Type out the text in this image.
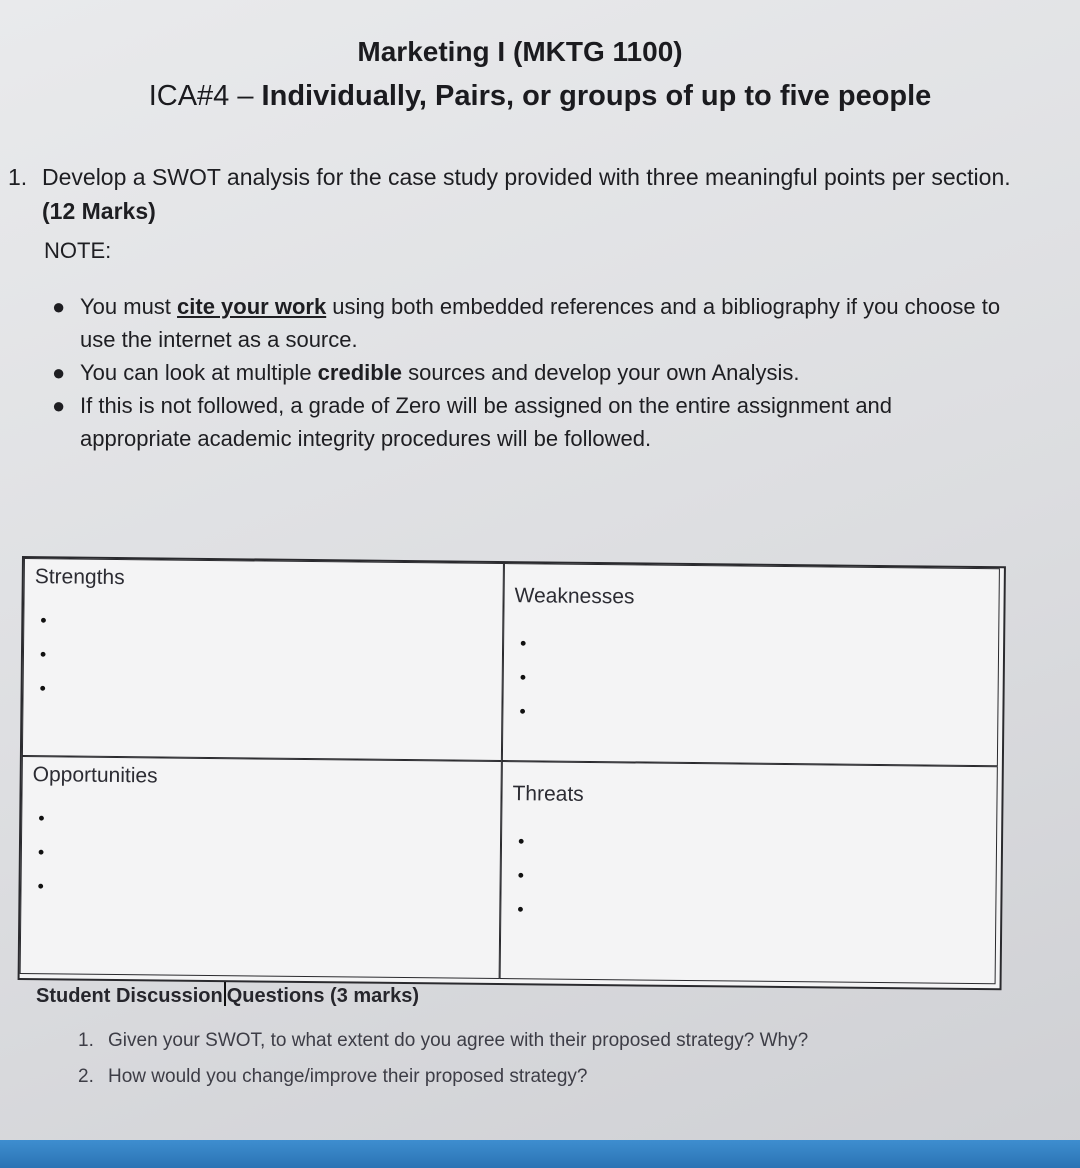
Marketing I (MKTG 1100)
ICA#4 – Individually, Pairs, or groups of up to five people
1. Develop a SWOT analysis for the case study provided with three meaningful points per section. (12 Marks)
NOTE:
● You must cite your work using both embedded references and a bibliography if you choose to use the internet as a source.
● You can look at multiple credible sources and develop your own Analysis.
● If this is not followed, a grade of Zero will be assigned on the entire assignment and appropriate academic integrity procedures will be followed.
Strengths
•
•
•
Weaknesses
•
•
•
Opportunities
•
•
•
Threats
•
•
•
Student Discussion Questions (3 marks)
1. Given your SWOT, to what extent do you agree with their proposed strategy? Why?
2. How would you change/improve their proposed strategy?
